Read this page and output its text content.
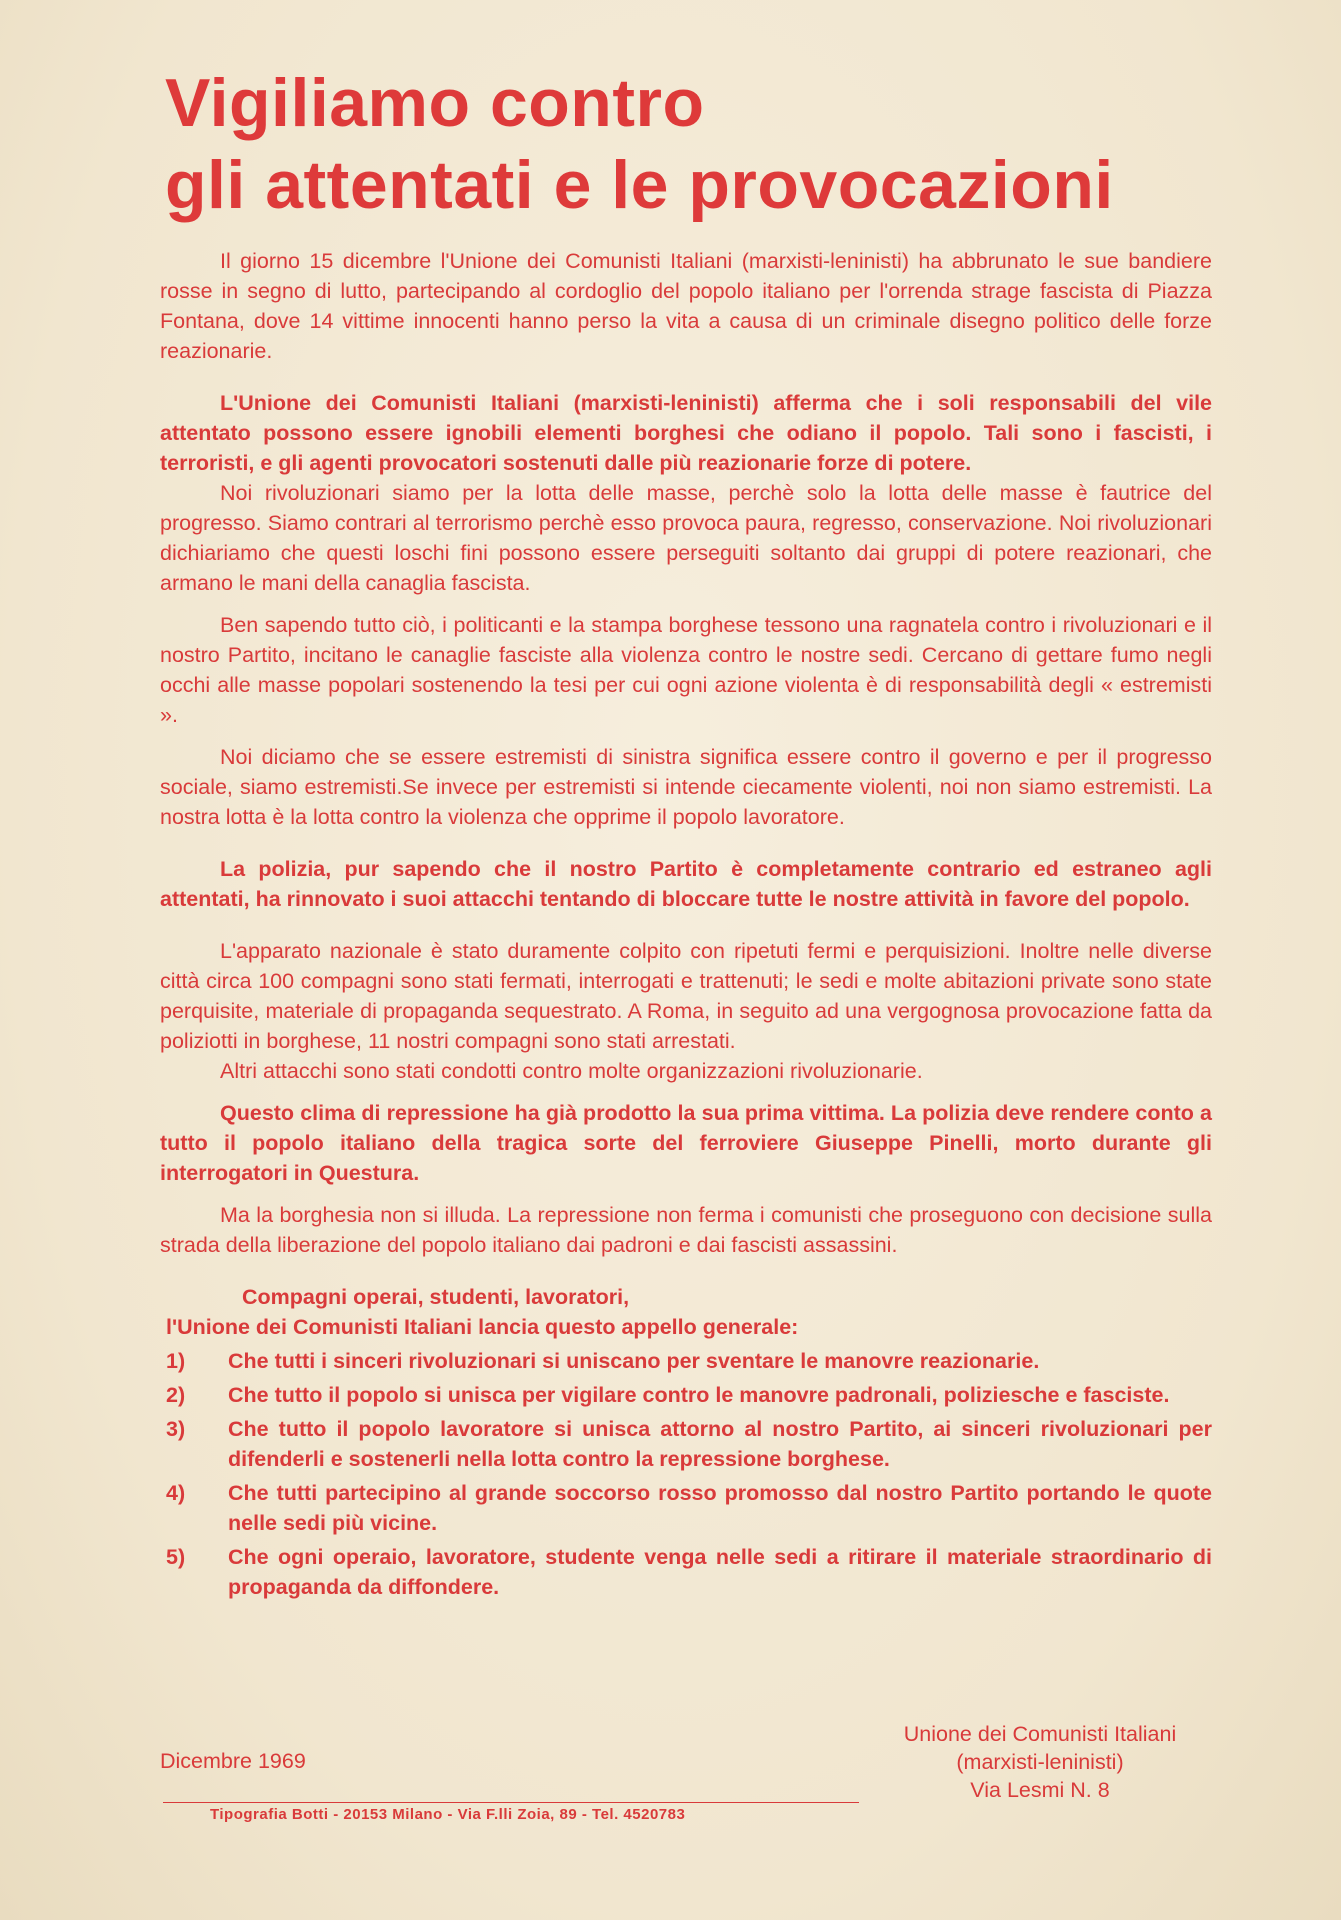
Vigiliamo contro
gli attentati e le provocazioni

Il giorno 15 dicembre l'Unione dei Comunisti Italiani (marxisti-leninisti) ha abbrunato le sue bandiere rosse in segno di lutto, partecipando al cordoglio del popolo italiano per l'orrenda strage fascista di Piazza Fontana, dove 14 vittime innocenti hanno perso la vita a causa di un criminale disegno politico delle forze reazionarie.

L'Unione dei Comunisti Italiani (marxisti-leninisti) afferma che i soli responsabili del vile attentato possono essere ignobili elementi borghesi che odiano il popolo. Tali sono i fascisti, i terroristi, e gli agenti provocatori sostenuti dalle più reazionarie forze di potere.

Noi rivoluzionari siamo per la lotta delle masse, perchè solo la lotta delle masse è fautrice del progresso. Siamo contrari al terrorismo perchè esso provoca paura, regresso, conservazione. Noi rivoluzionari dichiariamo che questi loschi fini possono essere perseguiti soltanto dai gruppi di potere reazionari, che armano le mani della canaglia fascista.

Ben sapendo tutto ciò, i politicanti e la stampa borghese tessono una ragnatela contro i rivoluzionari e il nostro Partito, incitano le canaglie fasciste alla violenza contro le nostre sedi. Cercano di gettare fumo negli occhi alle masse popolari sostenendo la tesi per cui ogni azione violenta è di responsabilità degli « estremisti ».

Noi diciamo che se essere estremisti di sinistra significa essere contro il governo e per il progresso sociale, siamo estremisti.Se invece per estremisti si intende ciecamente violenti, noi non siamo estremisti. La nostra lotta è la lotta contro la violenza che opprime il popolo lavoratore.

La polizia, pur sapendo che il nostro Partito è completamente contrario ed estraneo agli attentati, ha rinnovato i suoi attacchi tentando di bloccare tutte le nostre attività in favore del popolo.

L'apparato nazionale è stato duramente colpito con ripetuti fermi e perquisizioni. Inoltre nelle diverse città circa 100 compagni sono stati fermati, interrogati e trattenuti; le sedi e molte abitazioni private sono state perquisite, materiale di propaganda sequestrato. A Roma, in seguito ad una vergognosa provocazione fatta da poliziotti in borghese, 11 nostri compagni sono stati arrestati.

Altri attacchi sono stati condotti contro molte organizzazioni rivoluzionarie.

Questo clima di repressione ha già prodotto la sua prima vittima. La polizia deve rendere conto a tutto il popolo italiano della tragica sorte del ferroviere Giuseppe Pinelli, morto durante gli interrogatori in Questura.

Ma la borghesia non si illuda. La repressione non ferma i comunisti che proseguono con decisione sulla strada della liberazione del popolo italiano dai padroni e dai fascisti assassini.

Compagni operai, studenti, lavoratori,
l'Unione dei Comunisti Italiani lancia questo appello generale:
1)	Che tutti i sinceri rivoluzionari si uniscano per sventare le manovre reazionarie.
2)	Che tutto il popolo si unisca per vigilare contro le manovre padronali, poliziesche e fasciste.
3)	Che tutto il popolo lavoratore si unisca attorno al nostro Partito, ai sinceri rivoluzionari per difenderli e sostenerli nella lotta contro la repressione borghese.
4)	Che tutti partecipino al grande soccorso rosso promosso dal nostro Partito portando le quote nelle sedi più vicine.
5)	Che ogni operaio, lavoratore, studente venga nelle sedi a ritirare il materiale straordinario di propaganda da diffondere.
Unione dei Comunisti Italiani
(marxisti-leninisti)
Via Lesmi N. 8
Dicembre 1969
Tipografia Botti - 20153 Milano - Via F.lli Zoia, 89 - Tel. 4520783
